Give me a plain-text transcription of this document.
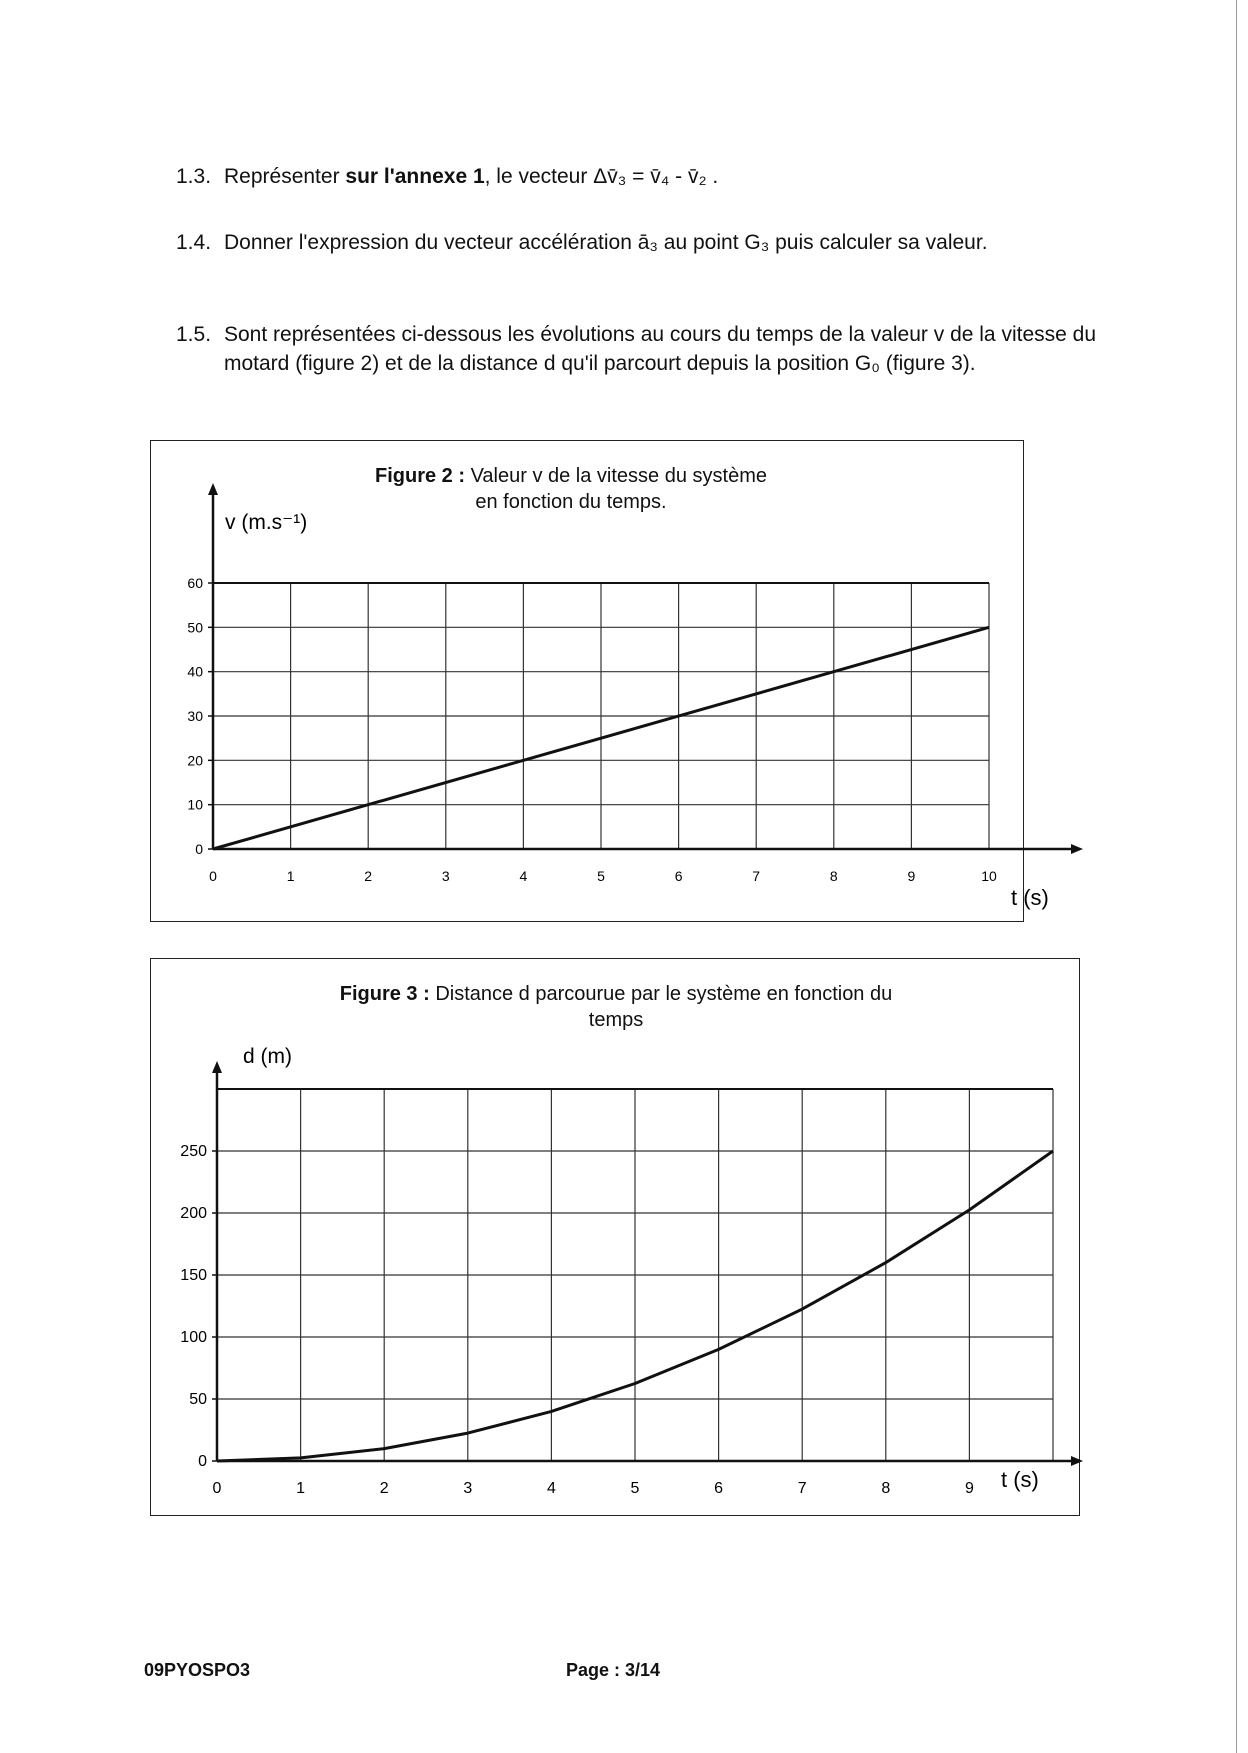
1.3. Représenter sur l'annexe 1, le vecteur Δv̄₃ = v̄₄ - v̄₂ .
1.4. Donner l'expression du vecteur accélération ā₃ au point G₃ puis calculer sa valeur.
1.5. Sont représentées ci-dessous les évolutions au cours du temps de la valeur v de la vitesse du motard (figure 2) et de la distance d qu'il parcourt depuis la position G₀ (figure 3).
Figure 2 : Valeur v de la vitesse du système
en fonction du temps.
0	1	2	3	4	5	6	7	8	9	10
0
10
20
30
40
50
60
v (m.s⁻¹)
t (s)
Figure 3 : Distance d parcourue par le système en fonction du
temps
0	1	2	3	4	5	6	7	8	9
0
50
100
150
200
250
d (m)
t (s)
09PYOSPO3	Page : 3/14
